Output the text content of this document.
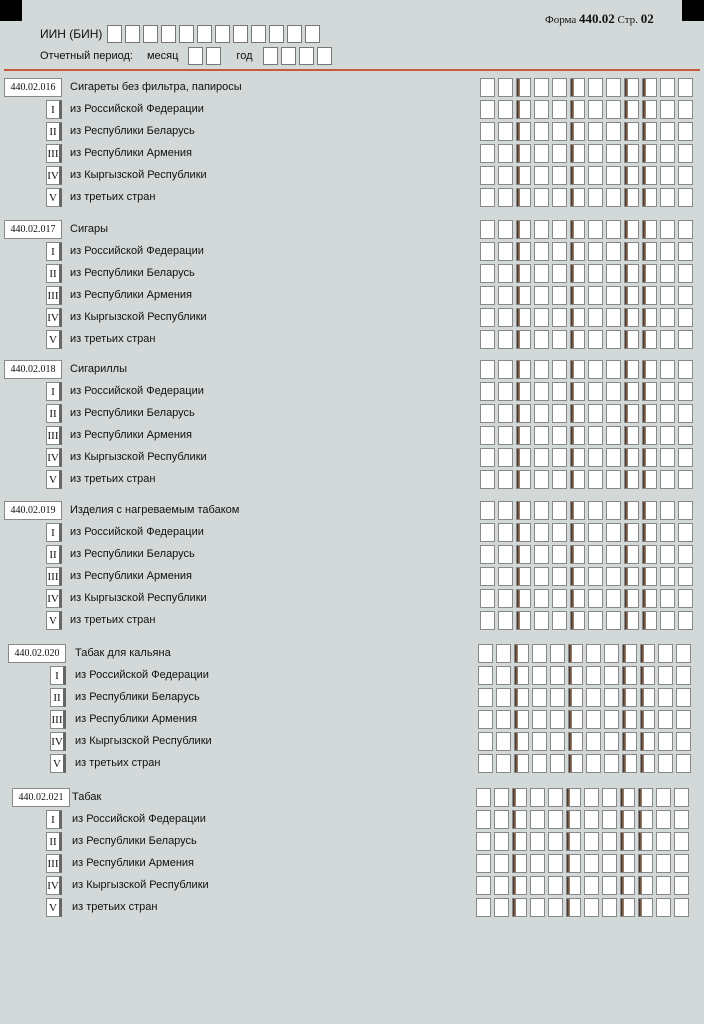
Форма 440.02 Стр. 02
ИИН (БИН)
Отчетный период: месяц	год
440.02.016	Сигареты без фильтра, папиросы
I	из Российской Федерации
II	из Республики Беларусь
III	из Республики Армения
IV из Кыргызской Республики
V	из третьих стран
440.02.017	Сигары
I	из Российской Федерации
II	из Республики Беларусь
III	из Республики Армения
IV из Кыргызской Республики
V	из третьих стран
440.02.018	Сигариллы
I	из Российской Федерации
II	из Республики Беларусь
III	из Республики Армения
IV из Кыргызской Республики
V	из третьих стран
440.02.019	Изделия с нагреваемым табаком
I	из Российской Федерации
II	из Республики Беларусь
III	из Республики Армения
IV из Кыргызской Республики
V	из третьих стран
440.02.020	Табак для кальяна
I	из Российской Федерации
II	из Республики Беларусь
III	из Республики Армения
IV из Кыргызской Республики
V	из третьих стран
440.02.021 Табак
I	из Российской Федерации
II	из Республики Беларусь
III	из Республики Армения
IV из Кыргызской Республики
V	из третьих стран
